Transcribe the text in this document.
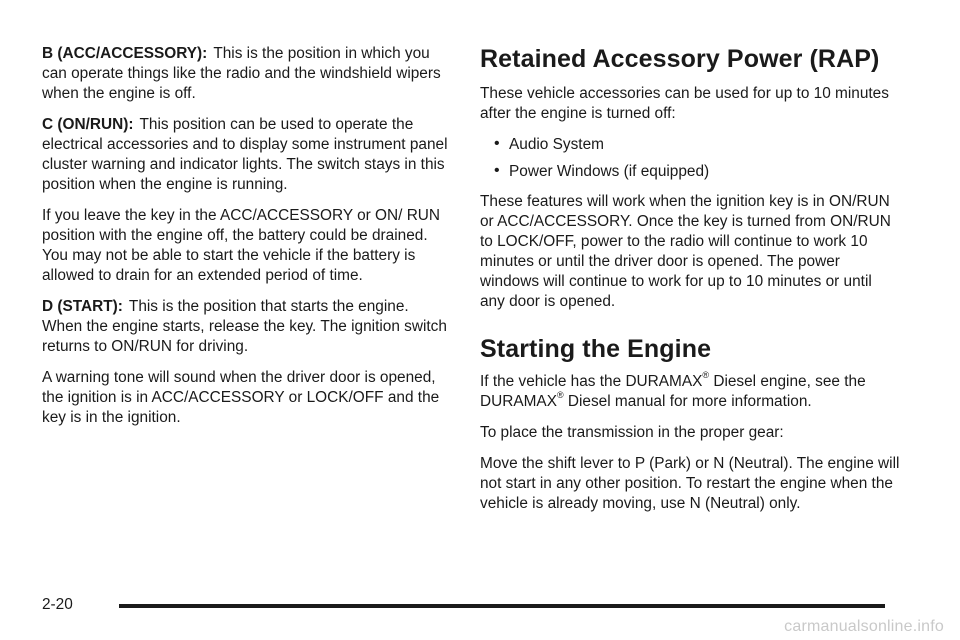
B (ACC/ACCESSORY): This is the position in which you can operate things like the radio and the windshield wipers when the engine is off.

C (ON/RUN): This position can be used to operate the electrical accessories and to display some instrument panel cluster warning and indicator lights. The switch stays in this position when the engine is running.

If you leave the key in the ACC/ACCESSORY or ON/ RUN position with the engine off, the battery could be drained. You may not be able to start the vehicle if the battery is allowed to drain for an extended period of time.

D (START): This is the position that starts the engine. When the engine starts, release the key. The ignition switch returns to ON/RUN for driving.

A warning tone will sound when the driver door is opened, the ignition is in ACC/ACCESSORY or LOCK/OFF and the key is in the ignition.

Retained Accessory Power (RAP)

These vehicle accessories can be used for up to 10 minutes after the engine is turned off:

• Audio System
• Power Windows (if equipped)

These features will work when the ignition key is in ON/RUN or ACC/ACCESSORY. Once the key is turned from ON/RUN to LOCK/OFF, power to the radio will continue to work 10 minutes or until the driver door is opened. The power windows will continue to work for up to 10 minutes or until any door is opened.

Starting the Engine

If the vehicle has the DURAMAX® Diesel engine, see the DURAMAX® Diesel manual for more information.

To place the transmission in the proper gear:

Move the shift lever to P (Park) or N (Neutral). The engine will not start in any other position. To restart the engine when the vehicle is already moving, use N (Neutral) only.

2-20
carmanualsonline.info
